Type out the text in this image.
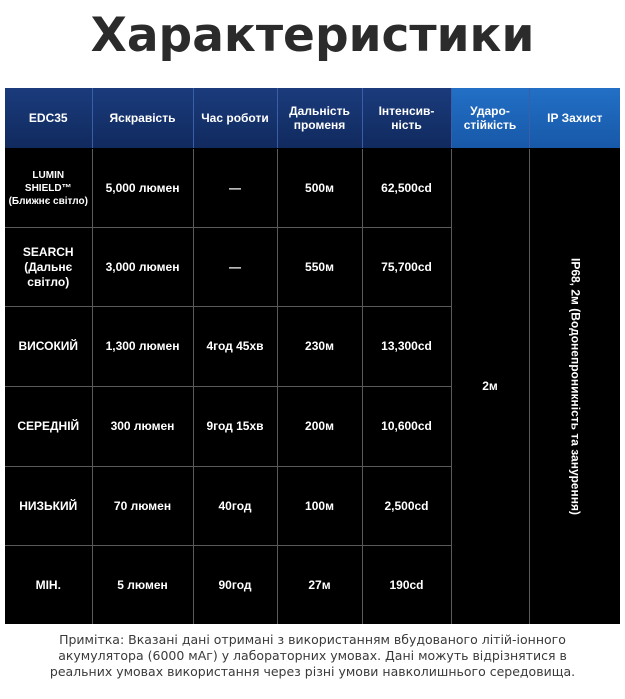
Характеристики
EDC35	Яскравість	Час роботи	Дальність променя	Інтенсив-ність	Ударо-стійкість	IP Захист
LUMIN SHIELD™ (Ближнє світло)	5,000 люмен	—	500м	62,500cd	2м	IP68, 2м (Водонепроникність та занурення)

SEARCH (Дальнє світло)	3,000 люмен	—	550м	75,700cd		
ВИСОКИЙ	1,300 люмен	4год 45хв	230м	13,300cd		
СЕРЕДНІЙ	300 люмен	9год 15хв	200м	10,600cd		
НИЗЬКИЙ	70 люмен	40год	100м	2,500cd		
МІН.	5 люмен	90год	27м	190cd		
Примітка: Вказані дані отримані з використанням вбудованого літій-іонного акумулятора (6000 мАг) у лабораторних умовах. Дані можуть відрізнятися в реальних умовах використання через різні умови навколишнього середовища.
